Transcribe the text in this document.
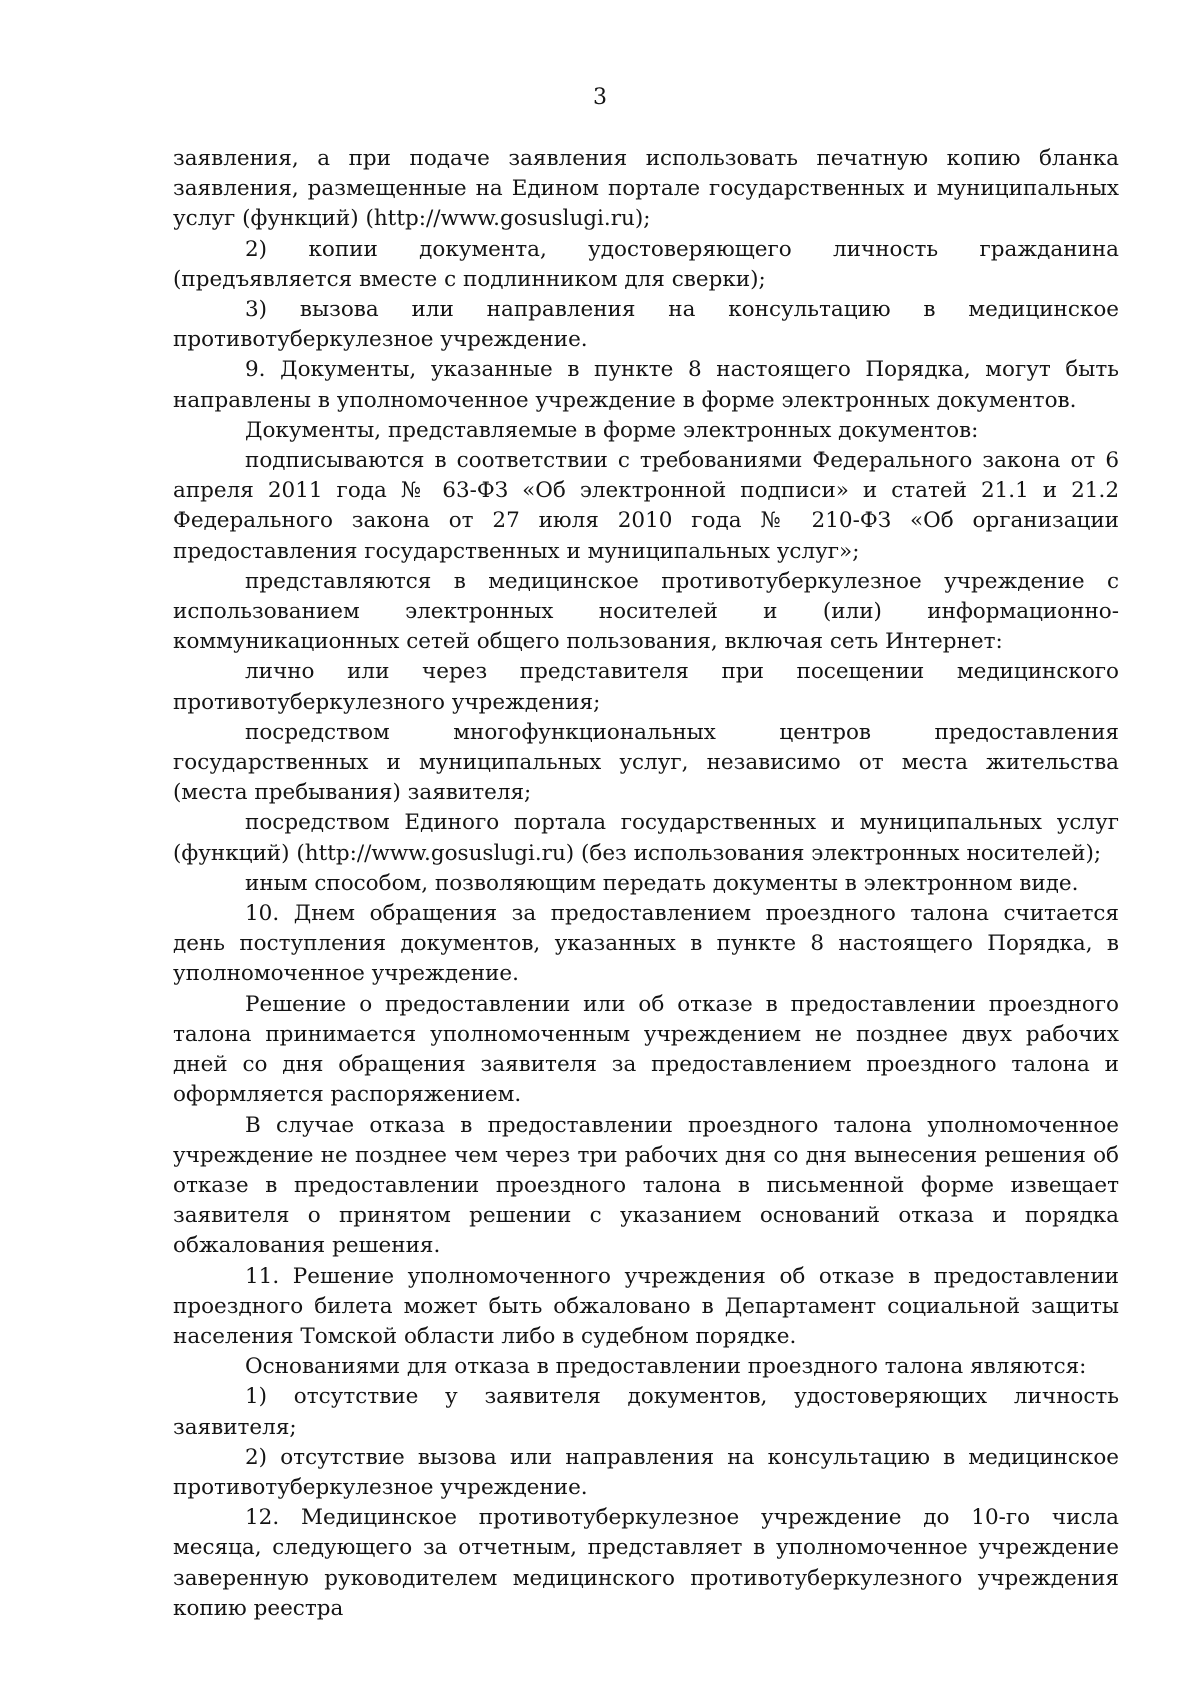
3

заявления, а при подаче заявления использовать печатную копию бланка заявления, размещенные на Едином портале государственных и муниципальных услуг (функций) (http://www.gosuslugi.ru);

2) копии документа, удостоверяющего личность гражданина (предъявляется вместе с подлинником для сверки);

3) вызова или направления на консультацию в медицинское противотуберкулезное учреждение.

9. Документы, указанные в пункте 8 настоящего Порядка, могут быть направлены в уполномоченное учреждение в форме электронных документов.

Документы, представляемые в форме электронных документов:

подписываются в соответствии с требованиями Федерального закона от 6 апреля 2011 года № 63-ФЗ «Об электронной подписи» и статей 21.1 и 21.2 Федерального закона от 27 июля 2010 года № 210-ФЗ «Об организации предоставления государственных и муниципальных услуг»;

представляются в медицинское противотуберкулезное учреждение с использованием электронных носителей и (или) информационно-коммуникационных сетей общего пользования, включая сеть Интернет:

лично или через представителя при посещении медицинского противотуберкулезного учреждения;

посредством многофункциональных центров предоставления государственных и муниципальных услуг, независимо от места жительства (места пребывания) заявителя;

посредством Единого портала государственных и муниципальных услуг (функций) (http://www.gosuslugi.ru) (без использования электронных носителей);

иным способом, позволяющим передать документы в электронном виде.

10. Днем обращения за предоставлением проездного талона считается день поступления документов, указанных в пункте 8 настоящего Порядка, в уполномоченное учреждение.

Решение о предоставлении или об отказе в предоставлении проездного талона принимается уполномоченным учреждением не позднее двух рабочих дней со дня обращения заявителя за предоставлением проездного талона и оформляется распоряжением.

В случае отказа в предоставлении проездного талона уполномоченное учреждение не позднее чем через три рабочих дня со дня вынесения решения об отказе в предоставлении проездного талона в письменной форме извещает заявителя о принятом решении с указанием оснований отказа и порядка обжалования решения.

11. Решение уполномоченного учреждения об отказе в предоставлении проездного билета может быть обжаловано в Департамент социальной защиты населения Томской области либо в судебном порядке.

Основаниями для отказа в предоставлении проездного талона являются:

1) отсутствие у заявителя документов, удостоверяющих личность заявителя;

2) отсутствие вызова или направления на консультацию в медицинское противотуберкулезное учреждение.

12. Медицинское противотуберкулезное учреждение до 10-го числа месяца, следующего за отчетным, представляет в уполномоченное учреждение заверенную руководителем медицинского противотуберкулезного учреждения копию реестра
